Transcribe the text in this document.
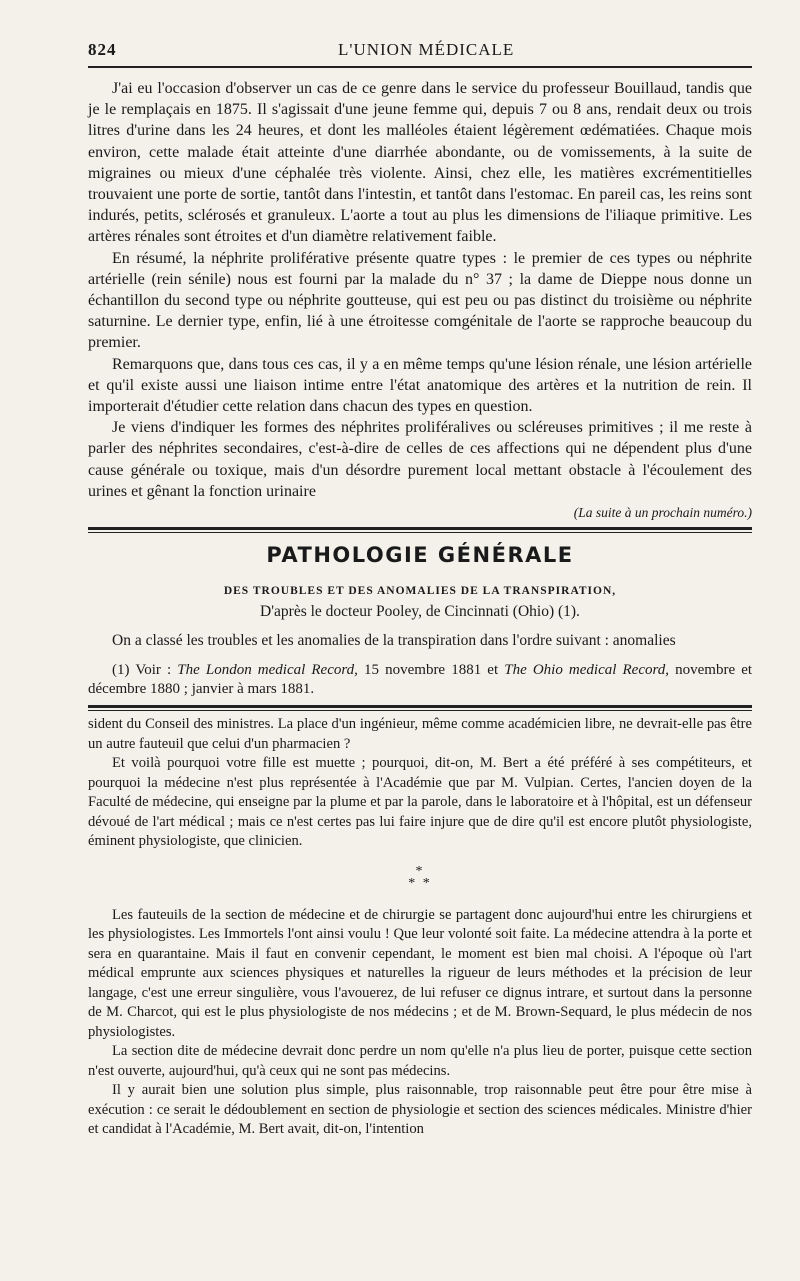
824	L'UNION MÉDICALE

J'ai eu l'occasion d'observer un cas de ce genre dans le service du professeur Bouillaud, tandis que je le remplaçais en 1875. Il s'agissait d'une jeune femme qui, depuis 7 ou 8 ans, rendait deux ou trois litres d'urine dans les 24 heures, et dont les malléoles étaient légèrement œdématiées. Chaque mois environ, cette malade était atteinte d'une diarrhée abondante, ou de vomissements, à la suite de migraines ou mieux d'une céphalée très violente. Ainsi, chez elle, les matières excrémentitielles trouvaient une porte de sortie, tantôt dans l'intestin, et tantôt dans l'estomac. En pareil cas, les reins sont indurés, petits, sclérosés et granuleux. L'aorte a tout au plus les dimensions de l'iliaque primitive. Les artères rénales sont étroites et d'un diamètre relativement faible.

En résumé, la néphrite proliférative présente quatre types : le premier de ces types ou néphrite artérielle (rein sénile) nous est fourni par la malade du n° 37 ; la dame de Dieppe nous donne un échantillon du second type ou néphrite goutteuse, qui est peu ou pas distinct du troisième ou néphrite saturnine. Le dernier type, enfin, lié à une étroitesse comgénitale de l'aorte se rapproche beaucoup du premier.

Remarquons que, dans tous ces cas, il y a en même temps qu'une lésion rénale, une lésion artérielle et qu'il existe aussi une liaison intime entre l'état anatomique des artères et la nutrition de rein. Il importerait d'étudier cette relation dans chacun des types en question.

Je viens d'indiquer les formes des néphrites proliféralives ou scléreuses primitives ; il me reste à parler des néphrites secondaires, c'est-à-dire de celles de ces affections qui ne dépendent plus d'une cause générale ou toxique, mais d'un désordre purement local mettant obstacle à l'écoulement des urines et gênant la fonction urinaire

(La suite à un prochain numéro.)
PATHOLOGIE GÉNÉRALE
DES TROUBLES ET DES ANOMALIES DE LA TRANSPIRATION,
D'après le docteur Pooley, de Cincinnati (Ohio) (1).

On a classé les troubles et les anomalies de la transpiration dans l'ordre suivant : anomalies

(1) Voir : The London medical Record, 15 novembre 1881 et The Ohio medical Record, novembre et décembre 1880 ; janvier à mars 1881.

sident du Conseil des ministres. La place d'un ingénieur, même comme académicien libre, ne devrait-elle pas être un autre fauteuil que celui d'un pharmacien ?

Et voilà pourquoi votre fille est muette ; pourquoi, dit-on, M. Bert a été préféré à ses compétiteurs, et pourquoi la médecine n'est plus représentée à l'Académie que par M. Vulpian. Certes, l'ancien doyen de la Faculté de médecine, qui enseigne par la plume et par la parole, dans le laboratoire et à l'hôpital, est un défenseur dévoué de l'art médical ; mais ce n'est certes pas lui faire injure que de dire qu'il est encore plutôt physiologiste, éminent physiologiste, que clinicien.

*
* *

Les fauteuils de la section de médecine et de chirurgie se partagent donc aujourd'hui entre les chirurgiens et les physiologistes. Les Immortels l'ont ainsi voulu ! Que leur volonté soit faite. La médecine attendra à la porte et sera en quarantaine. Mais il faut en convenir cependant, le moment est bien mal choisi. A l'époque où l'art médical emprunte aux sciences physiques et naturelles la rigueur de leurs méthodes et la précision de leur langage, c'est une erreur singulière, vous l'avouerez, de lui refuser ce dignus intrare, et surtout dans la personne de M. Charcot, qui est le plus physiologiste de nos médecins ; et de M. Brown-Sequard, le plus médecin de nos physiologistes.

La section dite de médecine devrait donc perdre un nom qu'elle n'a plus lieu de porter, puisque cette section n'est ouverte, aujourd'hui, qu'à ceux qui ne sont pas médecins.

Il y aurait bien une solution plus simple, plus raisonnable, trop raisonnable peut être pour être mise à exécution : ce serait le dédoublement en section de physiologie et section des sciences médicales. Ministre d'hier et candidat à l'Académie, M. Bert avait, dit-on, l'intention
